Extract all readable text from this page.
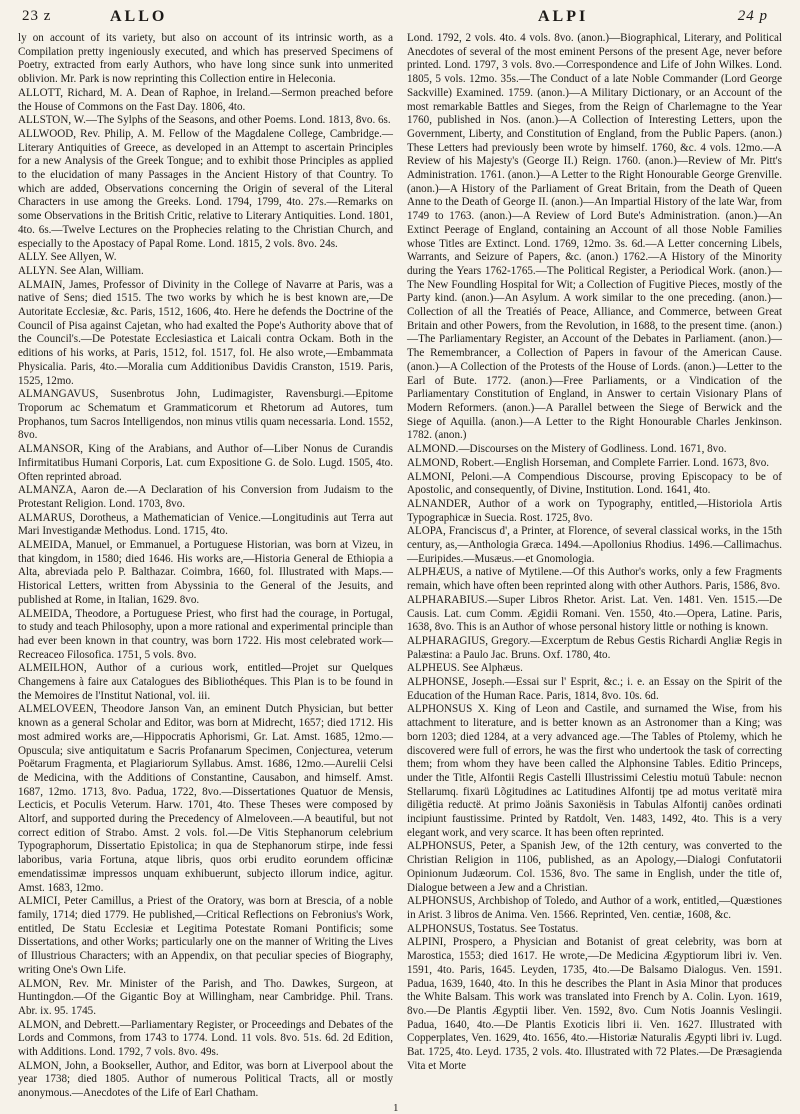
23 z	ALLO	ALPI	24 p

ly on account of its variety, but also on account of its intrinsic worth, as a Compilation pretty ingeniously executed, and which has preserved Specimens of Poetry, extracted from early Authors, who have long since sunk into unmerited oblivion. Mr. Park is now reprinting this Collection entire in Heleconia.

ALLOTT, Richard, M. A. Dean of Raphoe, in Ireland.—Sermon preached before the House of Commons on the Fast Day. 1806, 4to.

ALLSTON, W.—The Sylphs of the Seasons, and other Poems. Lond. 1813, 8vo. 6s.

ALLWOOD, Rev. Philip, A. M. Fellow of the Magdalene College, Cambridge.—Literary Antiquities of Greece, as developed in an Attempt to ascertain Principles for a new Analysis of the Greek Tongue; and to exhibit those Principles as applied to the elucidation of many Passages in the Ancient History of that Country. To which are added, Observations concerning the Origin of several of the Literal Characters in use among the Greeks. Lond. 1794, 1799, 4to. 27s.—Remarks on some Observations in the British Critic, relative to Literary Antiquities. Lond. 1801, 4to. 6s.—Twelve Lectures on the Prophecies relating to the Christian Church, and especially to the Apostacy of Papal Rome. Lond. 1815, 2 vols. 8vo. 24s.

ALLY. See Allyen, W.

ALLYN. See Alan, William.

ALMAIN, James, Professor of Divinity in the College of Navarre at Paris, was a native of Sens; died 1515. The two works by which he is best known are,—De Autoritate Ecclesiæ, &c. Paris, 1512, 1606, 4to. Here he defends the Doctrine of the Council of Pisa against Cajetan, who had exalted the Pope's Authority above that of the Council's.—De Potestate Ecclesiastica et Laicali contra Ockam. Both in the editions of his works, at Paris, 1512, fol. 1517, fol. He also wrote,—Embammata Physicalia. Paris, 4to.—Moralia cum Additionibus Davidis Cranston, 1519. Paris, 1525, 12mo.

ALMANGAVUS, Susenbrotus John, Ludimagister, Ravensburgi.—Epitome Troporum ac Schematum et Grammaticorum et Rhetorum ad Autores, tum Prophanos, tum Sacros Intelligendos, non minus vtilis quam necessaria. Lond. 1552, 8vo.

ALMANSOR, King of the Arabians, and Author of—Liber Nonus de Curandis Infirmitatibus Humani Corporis, Lat. cum Expositione G. de Solo. Lugd. 1505, 4to. Often reprinted abroad.

ALMANZA, Aaron de.—A Declaration of his Conversion from Judaism to the Protestant Religion. Lond. 1703, 8vo.

ALMARUS, Dorotheus, a Mathematician of Venice.—Longitudinis aut Terra aut Mari Investigandæ Methodus. Lond. 1715, 4to.

ALMEIDA, Manuel, or Emmanuel, a Portuguese Historian, was born at Vizeu, in that kingdom, in 1580; died 1646. His works are,—Historia General de Ethiopia a Alta, abreviada pelo P. Balthazar. Coimbra, 1660, fol. Illustrated with Maps.—Historical Letters, written from Abyssinia to the General of the Jesuits, and published at Rome, in Italian, 1629. 8vo.

ALMEIDA, Theodore, a Portuguese Priest, who first had the courage, in Portugal, to study and teach Philosophy, upon a more rational and experimental principle than had ever been known in that country, was born 1722. His most celebrated work—Recreaceo Filosofica. 1751, 5 vols. 8vo.

ALMEILHON, Author of a curious work, entitled—Projet sur Quelques Changemens à faire aux Catalogues des Bibliothéques. This Plan is to be found in the Memoires de l'Institut National, vol. iii.

ALMELOVEEN, Theodore Janson Van, an eminent Dutch Physician, but better known as a general Scholar and Editor, was born at Midrecht, 1657; died 1712. His most admired works are,—Hippocratis Aphorismi, Gr. Lat. Amst. 1685, 12mo.—Opuscula; sive antiquitatum e Sacris Profanarum Specimen, Conjecturea, veterum Poëtarum Fragmenta, et Plagiariorum Syllabus. Amst. 1686, 12mo.—Aurelii Celsi de Medicina, with the Additions of Constantine, Causabon, and himself. Amst. 1687, 12mo. 1713, 8vo. Padua, 1722, 8vo.—Dissertationes Quatuor de Mensis, Lecticis, et Poculis Veterum. Harw. 1701, 4to. These Theses were composed by Altorf, and supported during the Precedency of Almeloveen.—A beautiful, but not correct edition of Strabo. Amst. 2 vols. fol.—De Vitis Stephanorum celebrium Typographorum, Dissertatio Epistolica; in qua de Stephanorum stirpe, inde fessi laboribus, varia Fortuna, atque libris, quos orbi erudito eorundem officinæ emendatissimæ impressos unquam exhibuerunt, subjecto illorum indice, agitur. Amst. 1683, 12mo.

ALMICI, Peter Camillus, a Priest of the Oratory, was born at Brescia, of a noble family, 1714; died 1779. He published,—Critical Reflections on Febronius's Work, entitled, De Statu Ecclesiæ et Legitima Potestate Romani Pontificis; some Dissertations, and other Works; particularly one on the manner of Writing the Lives of Illustrious Characters; with an Appendix, on that peculiar species of Biography, writing One's Own Life.

ALMON, Rev. Mr. Minister of the Parish, and Tho. Dawkes, Surgeon, at Huntingdon.—Of the Gigantic Boy at Willingham, near Cambridge. Phil. Trans. Abr. ix. 95. 1745.

ALMON, and Debrett.—Parliamentary Register, or Proceedings and Debates of the Lords and Commons, from 1743 to 1774. Lond. 11 vols. 8vo. 51s. 6d. 2d Edition, with Additions. Lond. 1792, 7 vols. 8vo. 49s.

ALMON, John, a Bookseller, Author, and Editor, was born at Liverpool about the year 1738; died 1805. Author of numerous Political Tracts, all or mostly anonymous.—Anecdotes of the Life of Earl Chatham.

Lond. 1792, 2 vols. 4to. 4 vols. 8vo. (anon.)—Biographical, Literary, and Political Anecdotes of several of the most eminent Persons of the present Age, never before printed. Lond. 1797, 3 vols. 8vo.—Correspondence and Life of John Wilkes. Lond. 1805, 5 vols. 12mo. 35s.—The Conduct of a late Noble Commander (Lord George Sackville) Examined. 1759. (anon.)—A Military Dictionary, or an Account of the most remarkable Battles and Sieges, from the Reign of Charlemagne to the Year 1760, published in Nos. (anon.)—A Collection of Interesting Letters, upon the Government, Liberty, and Constitution of England, from the Public Papers. (anon.) These Letters had previously been wrote by himself. 1760, &c. 4 vols. 12mo.—A Review of his Majesty's (George II.) Reign. 1760. (anon.)—Review of Mr. Pitt's Administration. 1761. (anon.)—A Letter to the Right Honourable George Grenville. (anon.)—A History of the Parliament of Great Britain, from the Death of Queen Anne to the Death of George II. (anon.)—An Impartial History of the late War, from 1749 to 1763. (anon.)—A Review of Lord Bute's Administration. (anon.)—An Extinct Peerage of England, containing an Account of all those Noble Families whose Titles are Extinct. Lond. 1769, 12mo. 3s. 6d.—A Letter concerning Libels, Warrants, and Seizure of Papers, &c. (anon.) 1762.—A History of the Minority during the Years 1762-1765.—The Political Register, a Periodical Work. (anon.)—The New Foundling Hospital for Wit; a Collection of Fugitive Pieces, mostly of the Party kind. (anon.)—An Asylum. A work similar to the one preceding. (anon.)—Collection of all the Treatiés of Peace, Alliance, and Commerce, between Great Britain and other Powers, from the Revolution, in 1688, to the present time. (anon.)—The Parliamentary Register, an Account of the Debates in Parliament. (anon.)—The Remembrancer, a Collection of Papers in favour of the American Cause. (anon.)—A Collection of the Protests of the House of Lords. (anon.)—Letter to the Earl of Bute. 1772. (anon.)—Free Parliaments, or a Vindication of the Parliamentary Constitution of England, in Answer to certain Visionary Plans of Modern Reformers. (anon.)—A Parallel between the Siege of Berwick and the Siege of Aquilla. (anon.)—A Letter to the Right Honourable Charles Jenkinson. 1782. (anon.)

ALMOND.—Discourses on the Mistery of Godliness. Lond. 1671, 8vo.

ALMOND, Robert.—English Horseman, and Complete Farrier. Lond. 1673, 8vo.

ALMONI, Peloni.—A Compendious Discourse, proving Episcopacy to be of Apostolic, and consequently, of Divine, Institution. Lond. 1641, 4to.

ALNANDER, Author of a work on Typography, entitled,—Historiola Artis Typographicæ in Suecia. Rost. 1725, 8vo.

ALOPA, Franciscus d', a Printer, at Florence, of several classical works, in the 15th century, as,—Anthologia Græca. 1494.—Apollonius Rhodius. 1496.—Callimachus.—Euripides.—Musæus.—et Gnomologia.

ALPHÆUS, a native of Mytilene.—Of this Author's works, only a few Fragments remain, which have often been reprinted along with other Authors. Paris, 1586, 8vo.

ALPHARABIUS.—Super Libros Rhetor. Arist. Lat. Ven. 1481. Ven. 1515.—De Causis. Lat. cum Comm. Ægidii Romani. Ven. 1550, 4to.—Opera, Latine. Paris, 1638, 8vo. This is an Author of whose personal history little or nothing is known.

ALPHARAGIUS, Gregory.—Excerptum de Rebus Gestis Richardi Angliæ Regis in Palæstina: a Paulo Jac. Bruns. Oxf. 1780, 4to.

ALPHEUS. See Alphæus.

ALPHONSE, Joseph.—Essai sur l' Esprit, &c.; i. e. an Essay on the Spirit of the Education of the Human Race. Paris, 1814, 8vo. 10s. 6d.

ALPHONSUS X. King of Leon and Castile, and surnamed the Wise, from his attachment to literature, and is better known as an Astronomer than a King; was born 1203; died 1284, at a very advanced age.—The Tables of Ptolemy, which he discovered were full of errors, he was the first who undertook the task of correcting them; from whom they have been called the Alphonsine Tables. Editio Princeps, under the Title, Alfontii Regis Castelli Illustrissimi Celestiu motuü Tabule: necnon Stellarumq. fixarü Lõgitudines ac Latitudines Alfontij tpe ad motus veritatë mira diligëtia reductë. At primo Joänis Saxoniësis in Tabulas Alfontij canões ordinati incipiunt faustissime. Printed by Ratdolt, Ven. 1483, 1492, 4to. This is a very elegant work, and very scarce. It has been often reprinted.

ALPHONSUS, Peter, a Spanish Jew, of the 12th century, was converted to the Christian Religion in 1106, published, as an Apology,—Dialogi Confutatorii Opinionum Judæorum. Col. 1536, 8vo. The same in English, under the title of, Dialogue between a Jew and a Christian.

ALPHONSUS, Archbishop of Toledo, and Author of a work, entitled,—Quæstiones in Arist. 3 libros de Anima. Ven. 1566. Reprinted, Ven. centiæ, 1608, &c.

ALPHONSUS, Tostatus. See Tostatus.

ALPINI, Prospero, a Physician and Botanist of great celebrity, was born at Marostica, 1553; died 1617. He wrote,—De Medicina Ægyptiorum libri iv. Ven. 1591, 4to. Paris, 1645. Leyden, 1735, 4to.—De Balsamo Dialogus. Ven. 1591. Padua, 1639, 1640, 4to. In this he describes the Plant in Asia Minor that produces the White Balsam. This work was translated into French by A. Colin. Lyon. 1619, 8vo.—De Plantis Ægyptii liber. Ven. 1592, 8vo. Cum Notis Joannis Veslingii. Padua, 1640, 4to.—De Plantis Exoticis libri ii. Ven. 1627. Illustrated with Copperplates, Ven. 1629, 4to. 1656, 4to.—Historiæ Naturalis Ægypti libri iv. Lugd. Bat. 1725, 4to. Leyd. 1735, 2 vols. 4to. Illustrated with 72 Plates.—De Præsagienda Vita et Morte

1
